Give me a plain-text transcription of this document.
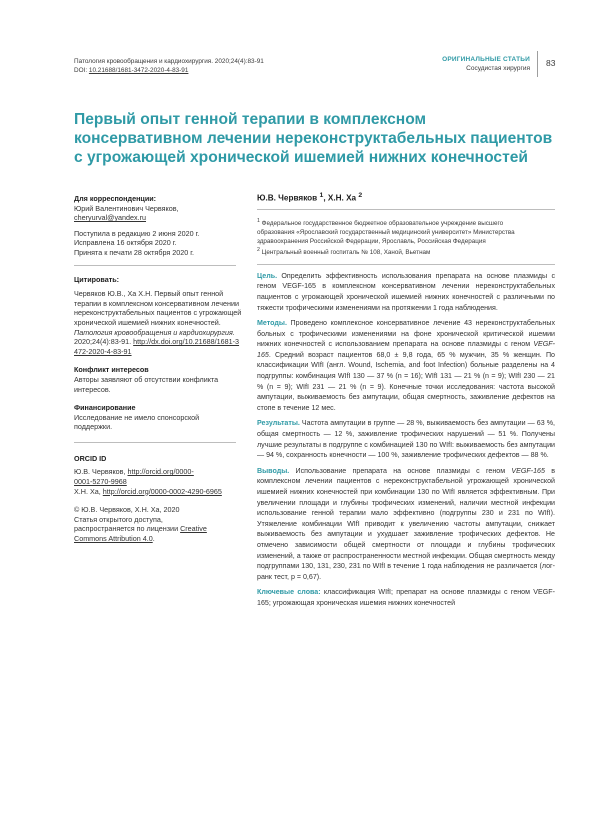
Патология кровообращения и кардиохирургия. 2020;24(4):83-91
DOI: 10.21688/1681-3472-2020-4-83-91
ОРИГИНАЛЬНЫЕ СТАТЬИ
Сосудистая хирургия
83
Первый опыт генной терапии в комплексном консервативном лечении нереконструктабельных пациентов с угрожающей хронической ишемией нижних конечностей
Для корреспонденции:
Юрий Валентинович Червяков,
cheryurval@yandex.ru
Поступила в редакцию 2 июня 2020 г.
Исправлена 16 октября 2020 г.
Принята к печати 28 октября 2020 г.
Цитировать:
Червяков Ю.В., Ха Х.Н. Первый опыт генной терапии в комплексном консервативном лечении нереконструктабельных пациентов с угрожающей хронической ишемией нижних конечностей. Патология кровообращения и кардиохирургия. 2020;24(4):83-91. http://dx.doi.org/10.21688/1681-3472-2020-4-83-91
Конфликт интересов
Авторы заявляют об отсутствии конфликта интересов.
Финансирование
Исследование не имело спонсорской поддержки.
ORCID ID
Ю.В. Червяков, http://orcid.org/0000-0001-5270-9968
Х.Н. Ха, http://orcid.org/0000-0002-4290-6965
© Ю.В. Червяков, Х.Н. Ха, 2020
Статья открытого доступа, распространяется по лицензии Creative Commons Attribution 4.0.
Ю.В. Червяков $^1$, Х.Н. Ха $^2$
$^1$ Федеральное государственное бюджетное образовательное учреждение высшего образования «Ярославский государственный медицинский университет» Министерства здравоохранения Российской Федерации, Ярославль, Российская Федерация
$^2$ Центральный военный госпиталь № 108, Ханой, Вьетнам

Цель. Определить эффективность использования препарата на основе плазмиды с геном VEGF-165 в комплексном консервативном лечении нереконструктабельных пациентов с угрожающей хронической ишемией нижних конечностей с различными по тяжести трофическими изменениями на протяжении 1 года наблюдения.

Методы. Проведено комплексное консервативное лечение 43 нереконструктабельных больных с трофическими изменениями на фоне хронической критической ишемии нижних конечностей с использованием препарата на основе плазмиды с геном VEGF-165. Средний возраст пациентов 68,0 ± 9,8 года, 65 % мужчин, 35 % женщин. По классификации WIfI (англ. Wound, Ischemia, and foot Infection) больные разделены на 4 подгруппы: комбинация WIfI 130 — 37 % (n = 16); WIfI 131 — 21 % (n = 9); WIfI 230 — 21 % (n = 9); WIfI 231 — 21 % (n = 9). Конечные точки исследования: частота высокой ампутации, выживаемость без ампутации, общая смертность, заживление дефектов на стопе в течение 12 мес.

Результаты. Частота ампутации в группе — 28 %, выживаемость без ампутации — 63 %, общая смертность — 12 %, заживление трофических нарушений — 51 %. Получены лучшие результаты в подгруппе с комбинацией 130 по WIfI: выживаемость без ампутации — 94 %, сохранность конечности — 100 %, заживление трофических дефектов — 88 %.

Выводы. Использование препарата на основе плазмиды с геном VEGF-165 в комплексном лечении пациентов с нереконструктабельной угрожающей хронической ишемией нижних конечностей при комбинации 130 по WIfI является эффективным. При увеличении площади и глубины трофических изменений, наличии местной инфекции использование генной терапии мало эффективно (подгруппы 230 и 231 по WIfI). Утяжеление комбинации WIfI приводит к увеличению частоты ампутации, снижает выживаемость без ампутации и ухудшает заживление трофических дефектов. Не отмечено зависимости общей смертности от площади и глубины трофических изменений, а также от распространенности местной инфекции. Общая смертность между подгруппами 130, 131, 230, 231 по WIfI в течение 1 года наблюдения не различается (лог-ранк тест, р = 0,67).

Ключевые слова: классификация WIfI; препарат на основе плазмиды с геном VEGF-165; угрожающая хроническая ишемия нижних конечностей
